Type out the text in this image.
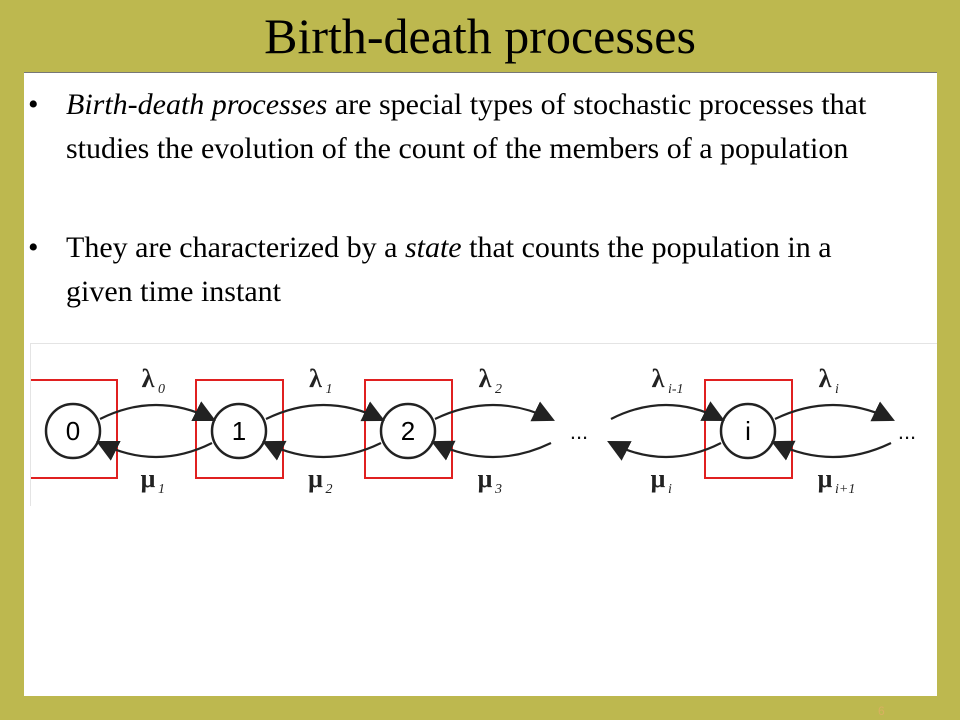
Birth-death processes
• Birth-death processes are special types of stochastic processes that studies the evolution of the count of the members of a population
• They are characterized by a state that counts the population in a given time instant
0	1	2	i
λ 0
μ 1
λ 1
μ 2
λ 2
μ 3
λ i-1
μ i
λ i
μ i+1
...	...
6
